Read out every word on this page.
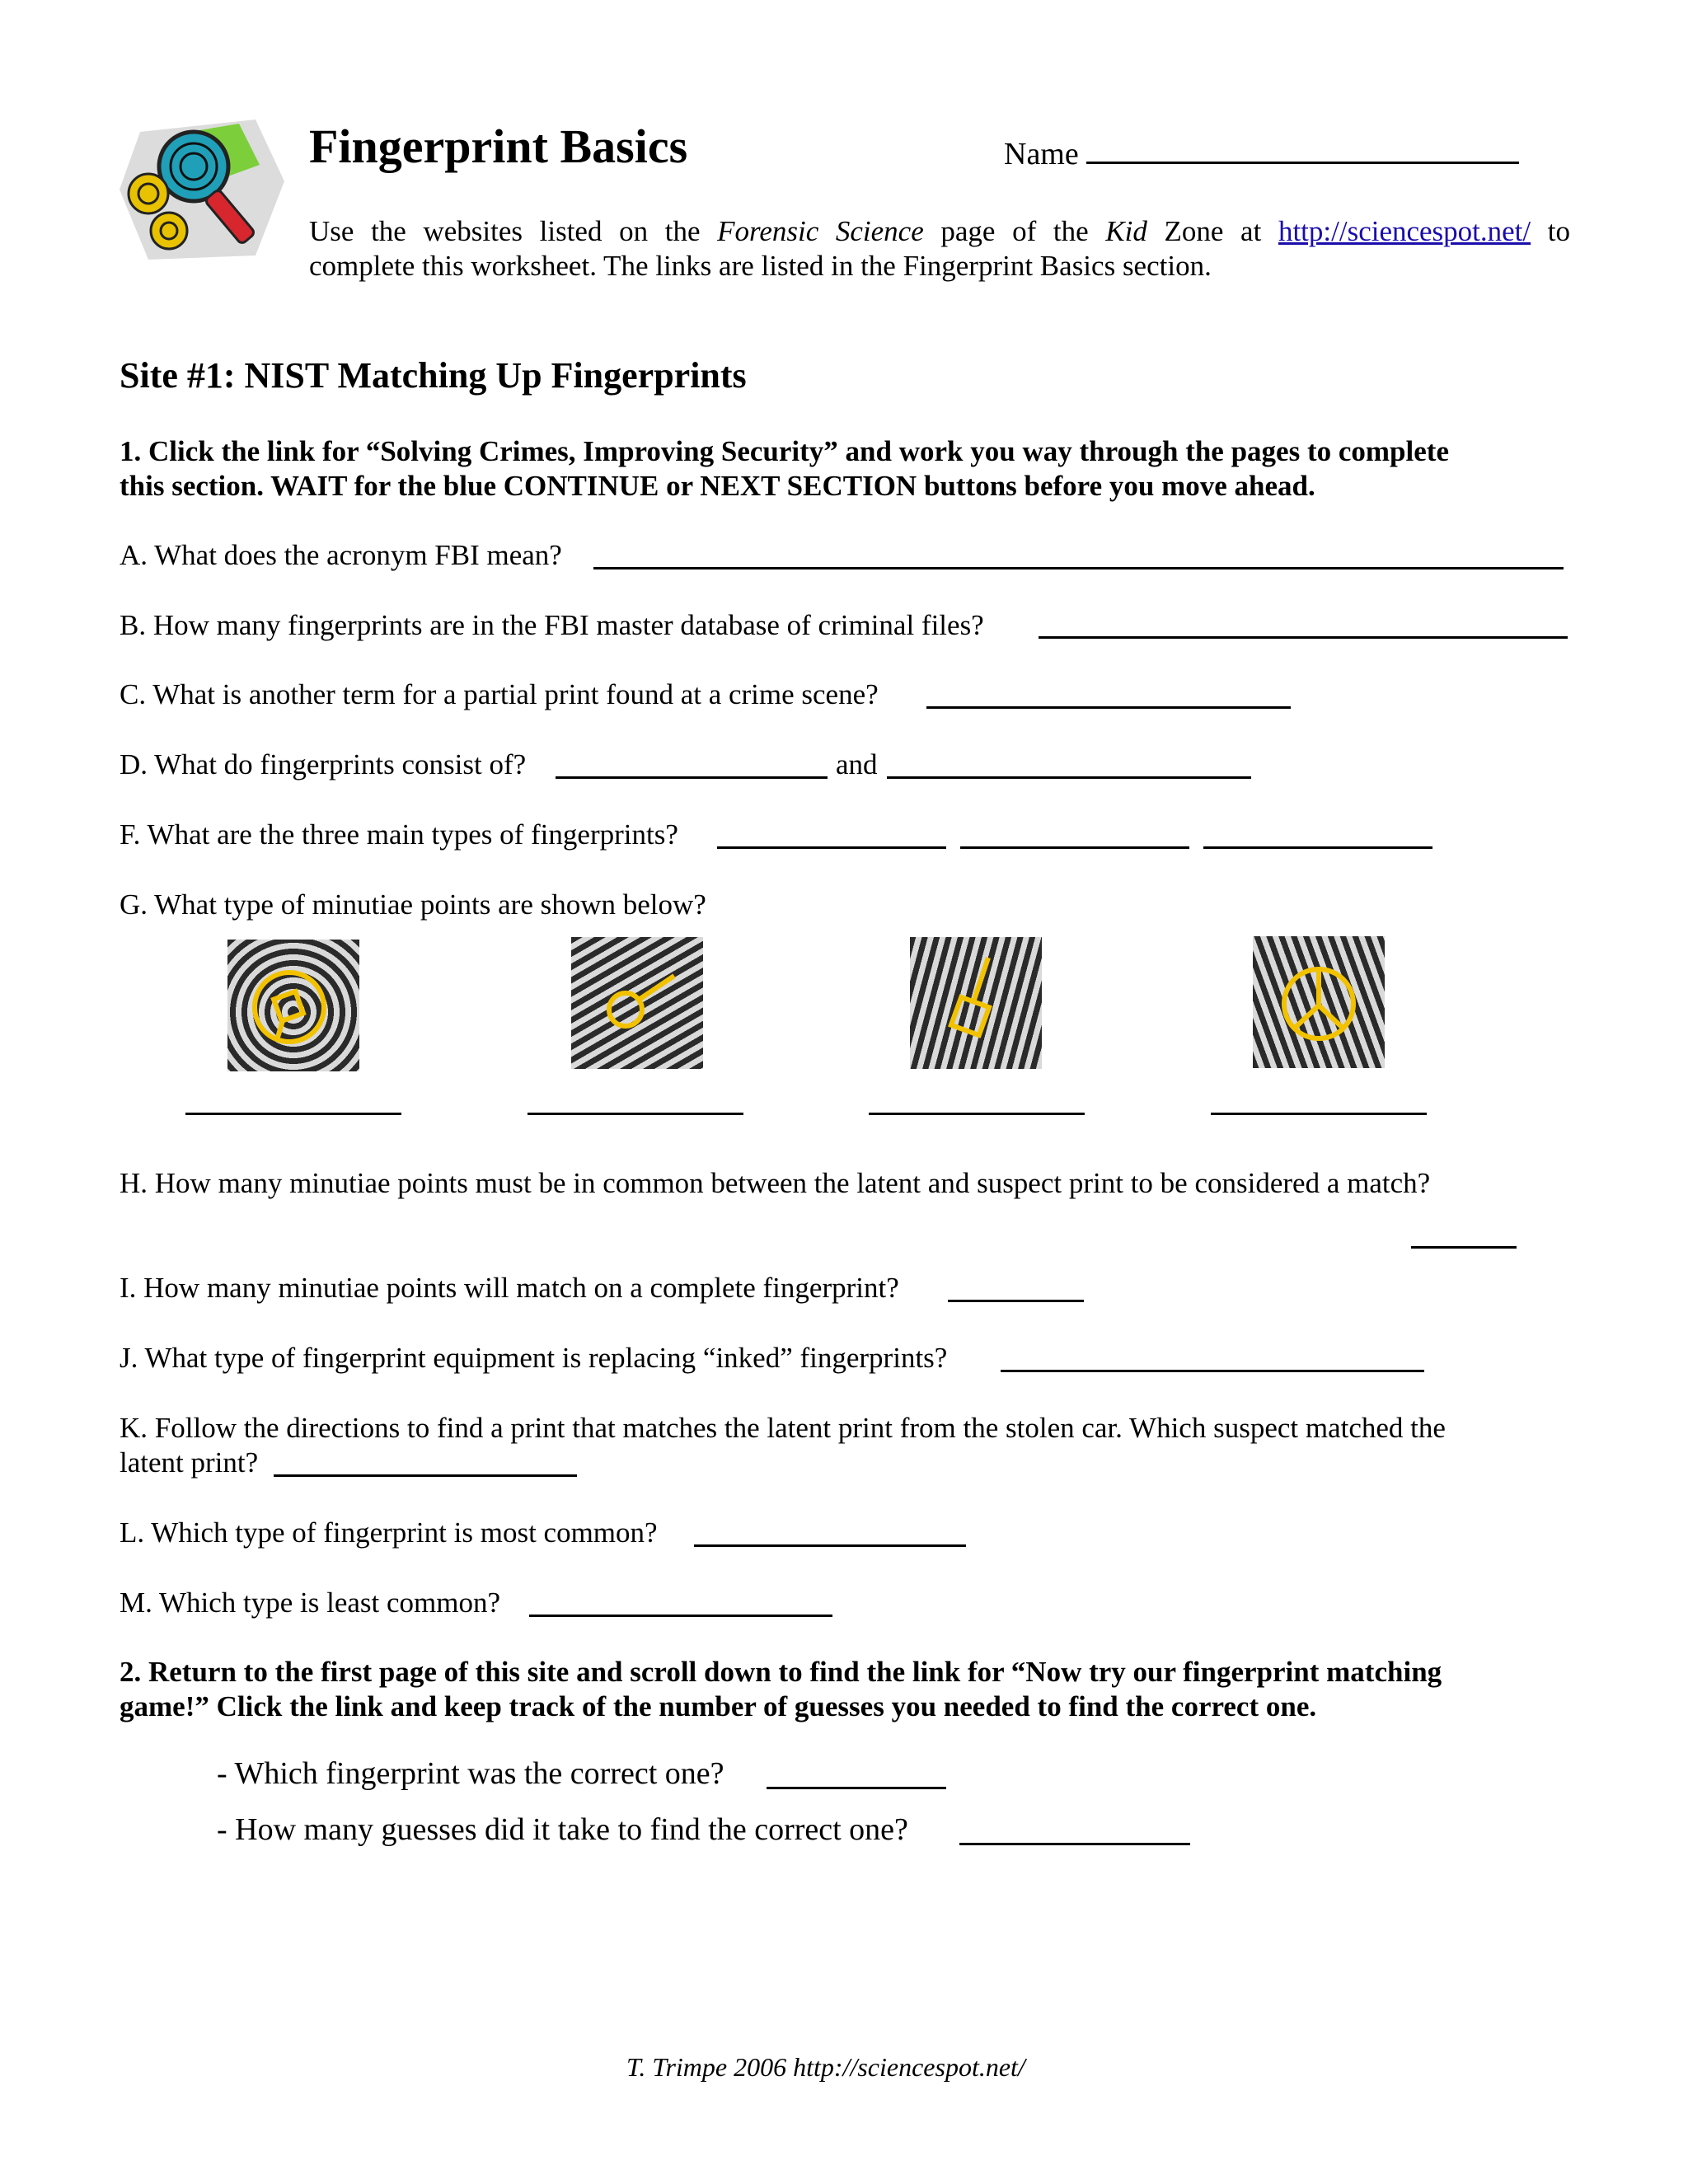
Fingerprint Basics	Name
Use the websites listed on the Forensic Science page of the Kid Zone at http://sciencespot.net/ to
complete this worksheet. The links are listed in the Fingerprint Basics section.
Site #1: NIST Matching Up Fingerprints
1. Click the link for “Solving Crimes, Improving Security” and work you way through the pages to complete
this section. WAIT for the blue CONTINUE or NEXT SECTION buttons before you move ahead.
A. What does the acronym FBI mean?
B. How many fingerprints are in the FBI master database of criminal files?
C. What is another term for a partial print found at a crime scene?
D. What do fingerprints consist of?	and
F. What are the three main types of fingerprints?
G. What type of minutiae points are shown below?
H. How many minutiae points must be in common between the latent and suspect print to be considered a match?
I. How many minutiae points will match on a complete fingerprint?
J. What type of fingerprint equipment is replacing “inked” fingerprints?
K. Follow the directions to find a print that matches the latent print from the stolen car. Which suspect matched the
latent print?
L. Which type of fingerprint is most common?
M. Which type is least common?
2. Return to the first page of this site and scroll down to find the link for “Now try our fingerprint matching
game!” Click the link and keep track of the number of guesses you needed to find the correct one.
- Which fingerprint was the correct one?
- How many guesses did it take to find the correct one?
T. Trimpe 2006 http://sciencespot.net/
